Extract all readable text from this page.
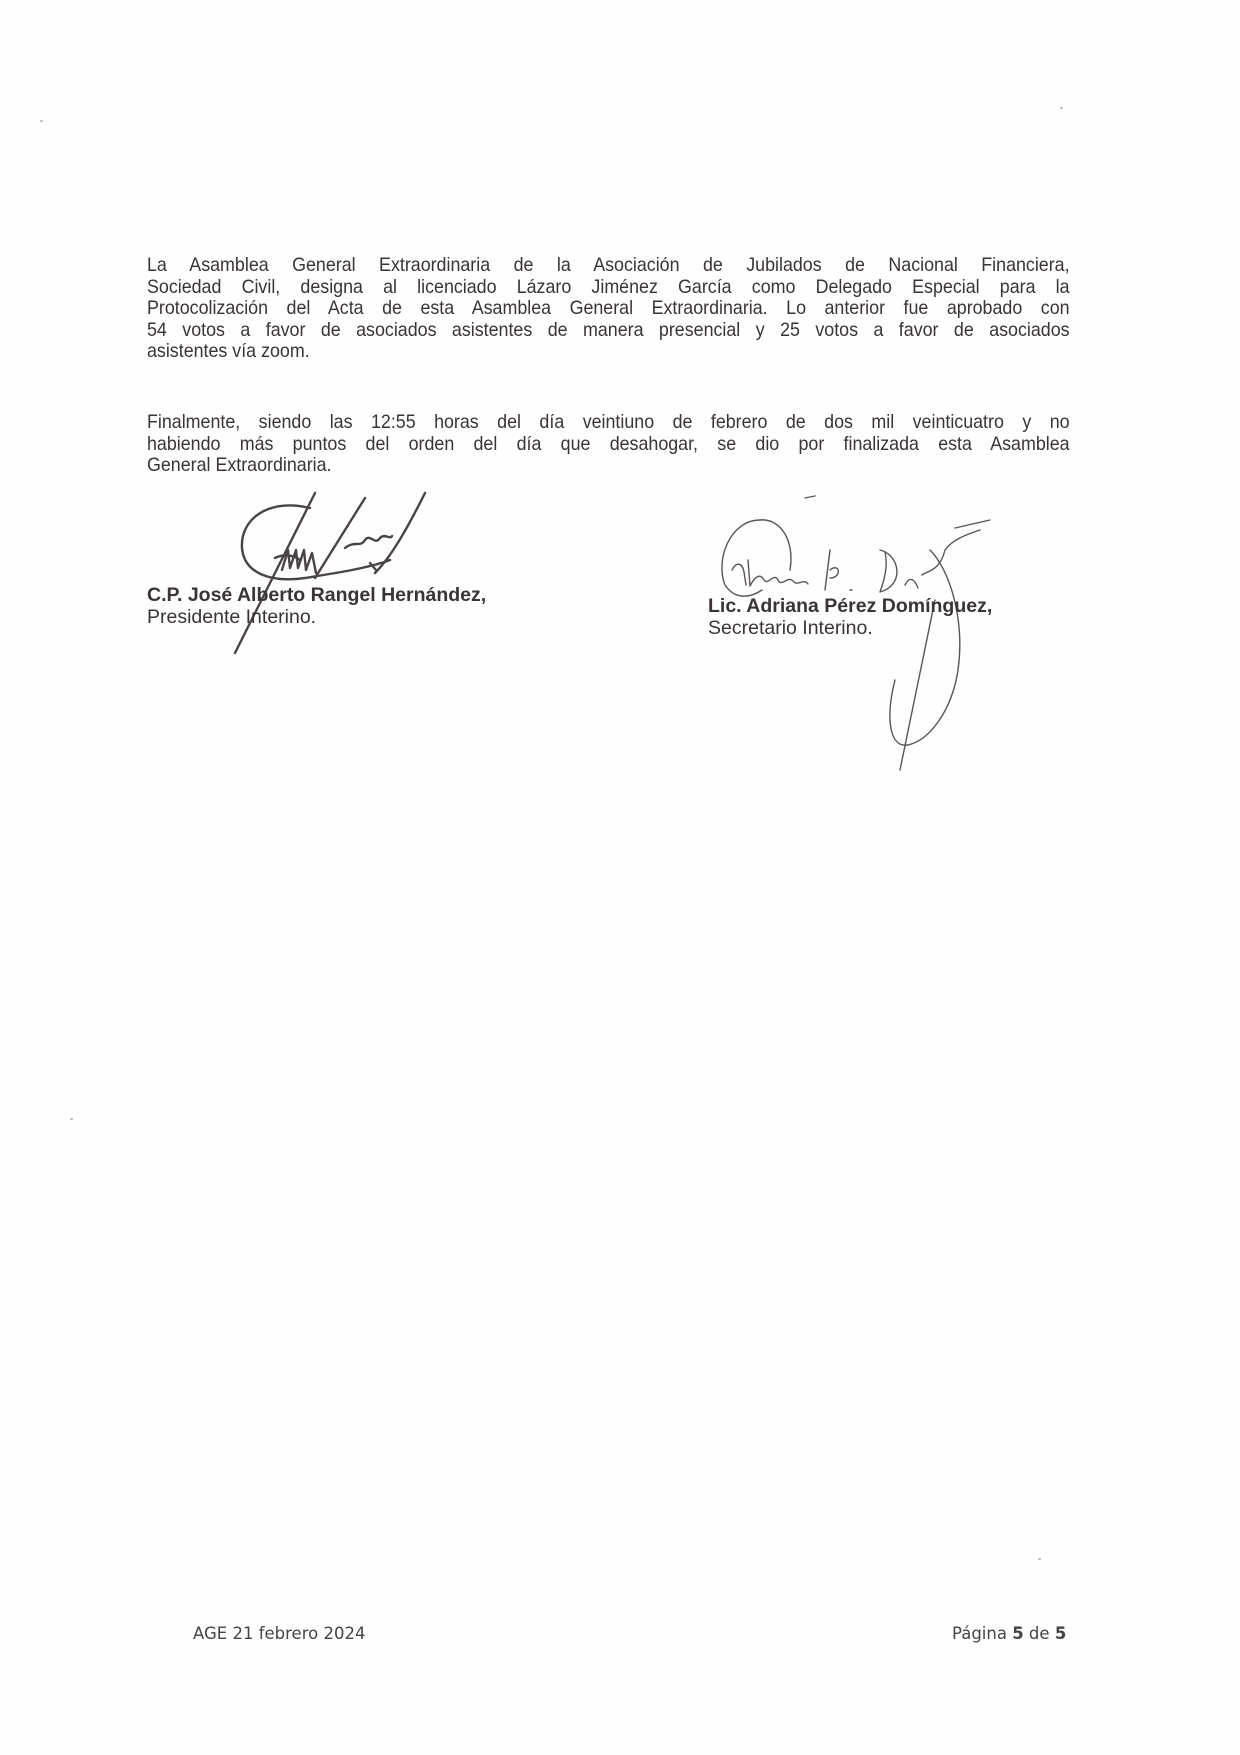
La Asamblea General Extraordinaria de la Asociación de Jubilados de Nacional Financiera,
Sociedad Civil, designa al licenciado Lázaro Jiménez García como Delegado Especial para la
Protocolización del Acta de esta Asamblea General Extraordinaria. Lo anterior fue aprobado con
54 votos a favor de asociados asistentes de manera presencial y 25 votos a favor de asociados
asistentes vía zoom.
Finalmente, siendo las 12:55 horas del día veintiuno de febrero de dos mil veinticuatro y no
habiendo más puntos del orden del día que desahogar, se dio por finalizada esta Asamblea
General Extraordinaria.
C.P. José Alberto Rangel Hernández,
Presidente Interino.	Lic. Adriana Pérez Domínguez,
Secretario Interino.
AGE 21 febrero 2024	Página 5 de 5
